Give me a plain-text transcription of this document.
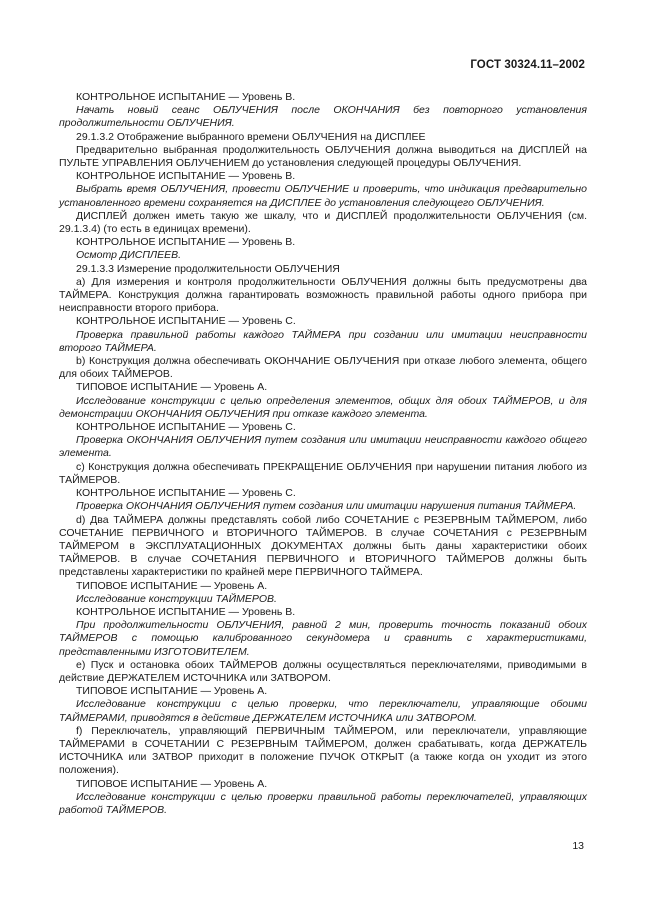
ГОСТ 30324.11–2002

КОНТРОЛЬНОЕ ИСПЫТАНИЕ — Уровень В.

Начать новый сеанс ОБЛУЧЕНИЯ после ОКОНЧАНИЯ без повторного установления продолжительности ОБЛУЧЕНИЯ.

29.1.3.2 Отображение выбранного времени ОБЛУЧЕНИЯ на ДИСПЛЕЕ

Предварительно выбранная продолжительность ОБЛУЧЕНИЯ должна выводиться на ДИСПЛЕЙ на ПУЛЬТЕ УПРАВЛЕНИЯ ОБЛУЧЕНИЕМ до установления следующей процедуры ОБЛУЧЕНИЯ.

КОНТРОЛЬНОЕ ИСПЫТАНИЕ — Уровень В.

Выбрать время ОБЛУЧЕНИЯ, провести ОБЛУЧЕНИЕ и проверить, что индикация предварительно установленного времени сохраняется на ДИСПЛЕЕ до установления следующего ОБЛУЧЕНИЯ.

ДИСПЛЕЙ должен иметь такую же шкалу, что и ДИСПЛЕЙ продолжительности ОБЛУЧЕНИЯ (см. 29.1.3.4) (то есть в единицах времени).

КОНТРОЛЬНОЕ ИСПЫТАНИЕ — Уровень В.

Осмотр ДИСПЛЕЕВ.

29.1.3.3 Измерение продолжительности ОБЛУЧЕНИЯ

а) Для измерения и контроля продолжительности ОБЛУЧЕНИЯ должны быть предусмотрены два ТАЙМЕРА. Конструкция должна гарантировать возможность правильной работы одного прибора при неисправности второго прибора.

КОНТРОЛЬНОЕ ИСПЫТАНИЕ — Уровень С.

Проверка правильной работы каждого ТАЙМЕРА при создании или имитации неисправности второго ТАЙМЕРА.

b) Конструкция должна обеспечивать ОКОНЧАНИЕ ОБЛУЧЕНИЯ при отказе любого элемента, общего для обоих ТАЙМЕРОВ.

ТИПОВОЕ ИСПЫТАНИЕ — Уровень А.

Исследование конструкции с целью определения элементов, общих для обоих ТАЙМЕРОВ, и для демонстрации ОКОНЧАНИЯ ОБЛУЧЕНИЯ при отказе каждого элемента.

КОНТРОЛЬНОЕ ИСПЫТАНИЕ — Уровень С.

Проверка ОКОНЧАНИЯ ОБЛУЧЕНИЯ путем создания или имитации неисправности каждого общего элемента.

с) Конструкция должна обеспечивать ПРЕКРАЩЕНИЕ ОБЛУЧЕНИЯ при нарушении питания любого из ТАЙМЕРОВ.

КОНТРОЛЬНОЕ ИСПЫТАНИЕ — Уровень С.

Проверка ОКОНЧАНИЯ ОБЛУЧЕНИЯ путем создания или имитации нарушения питания ТАЙМЕРА.

d) Два ТАЙМЕРА должны представлять собой либо СОЧЕТАНИЕ с РЕЗЕРВНЫМ ТАЙМЕРОМ, либо СОЧЕТАНИЕ ПЕРВИЧНОГО и ВТОРИЧНОГО ТАЙМЕРОВ. В случае СОЧЕТАНИЯ с РЕЗЕРВНЫМ ТАЙМЕРОМ в ЭКСПЛУАТАЦИОННЫХ ДОКУМЕНТАХ должны быть даны характеристики обоих ТАЙМЕРОВ. В случае СОЧЕТАНИЯ ПЕРВИЧНОГО и ВТОРИЧНОГО ТАЙМЕРОВ должны быть представлены характеристики по крайней мере ПЕРВИЧНОГО ТАЙМЕРА.

ТИПОВОЕ ИСПЫТАНИЕ — Уровень А.

Исследование конструкции ТАЙМЕРОВ.

КОНТРОЛЬНОЕ ИСПЫТАНИЕ — Уровень В.

При продолжительности ОБЛУЧЕНИЯ, равной 2 мин, проверить точность показаний обоих ТАЙМЕРОВ с помощью калиброванного секундомера и сравнить с характеристиками, представленными ИЗГОТОВИТЕЛЕМ.

е) Пуск и остановка обоих ТАЙМЕРОВ должны осуществляться переключателями, приводимыми в действие ДЕРЖАТЕЛЕМ ИСТОЧНИКА или ЗАТВОРОМ.

ТИПОВОЕ ИСПЫТАНИЕ — Уровень А.

Исследование конструкции с целью проверки, что переключатели, управляющие обоими ТАЙМЕРАМИ, приводятся в действие ДЕРЖАТЕЛЕМ ИСТОЧНИКА или ЗАТВОРОМ.

f) Переключатель, управляющий ПЕРВИЧНЫМ ТАЙМЕРОМ, или переключатели, управляющие ТАЙМЕРАМИ в СОЧЕТАНИИ С РЕЗЕРВНЫМ ТАЙМЕРОМ, должен срабатывать, когда ДЕРЖАТЕЛЬ ИСТОЧНИКА или ЗАТВОР приходит в положение ПУЧОК ОТКРЫТ (а также когда он уходит из этого положения).

ТИПОВОЕ ИСПЫТАНИЕ — Уровень А.

Исследование конструкции с целью проверки правильной работы переключателей, управляющих работой ТАЙМЕРОВ.

13
